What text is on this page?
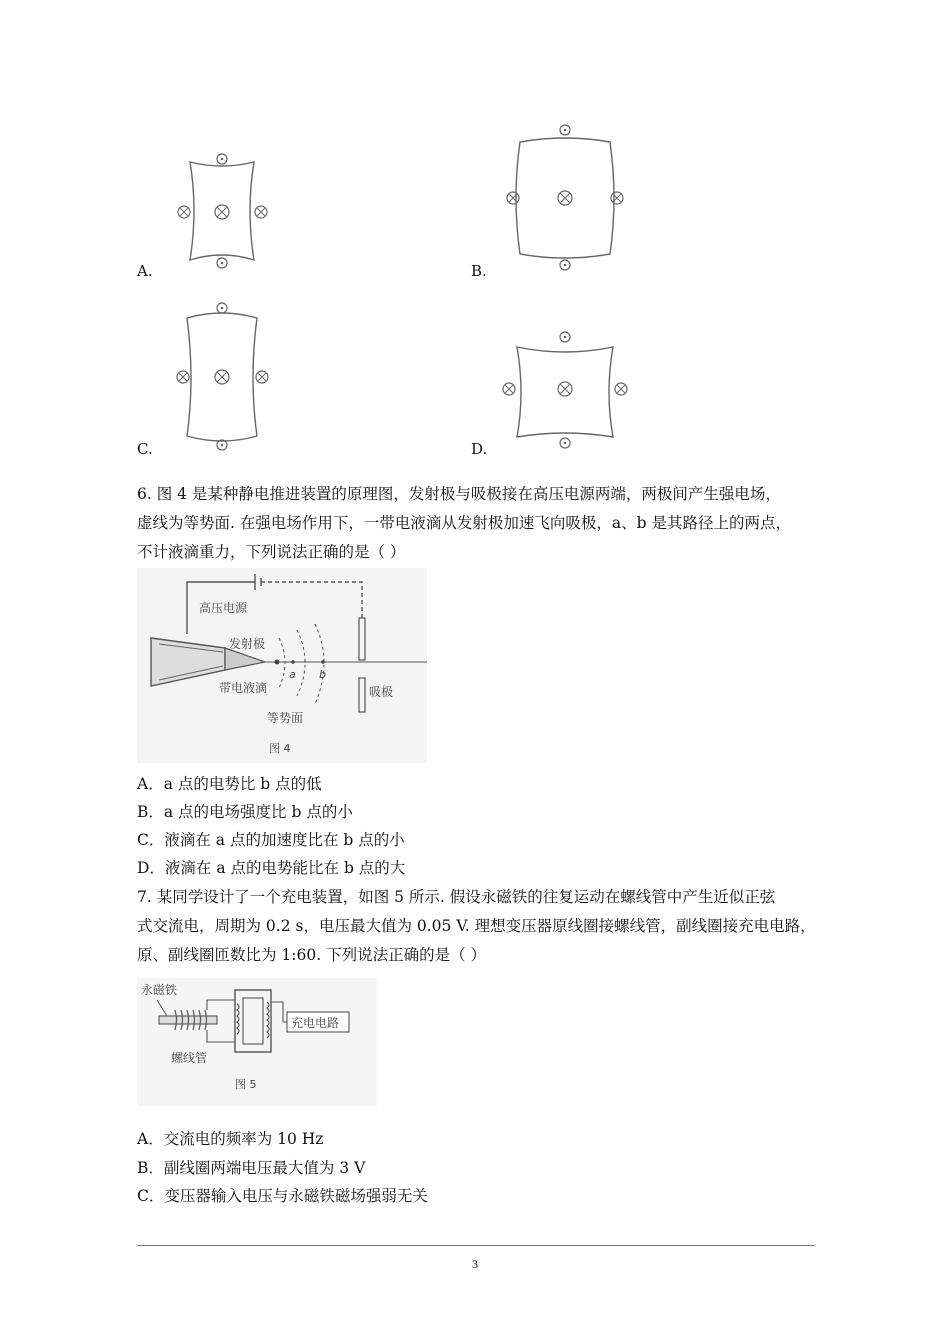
A.	B.
C.	D.
6. 图 4 是某种静电推进装置的原理图，发射极与吸极接在高压电源两端，两极间产生强电场，
虚线为等势面. 在强电场作用下，一带电液滴从发射极加速飞向吸极，a、b 是其路径上的两点，
不计液滴重力，下列说法正确的是（ ）
高压电源
发射极
a b
带电液滴	吸极
等势面
图 4
A．a 点的电势比 b 点的低
B．a 点的电场强度比 b 点的小
C．液滴在 a 点的加速度比在 b 点的小
D．液滴在 a 点的电势能比在 b 点的大
7. 某同学设计了一个充电装置，如图 5 所示. 假设永磁铁的往复运动在螺线管中产生近似正弦
式交流电，周期为 0.2 s，电压最大值为 0.05 V. 理想变压器原线圈接螺线管，副线圈接充电电路，
原、副线圈匝数比为 1:60. 下列说法正确的是（ ）
永磁铁
螺线管
充电电路
图 5
A．交流电的频率为 10 Hz
B．副线圈两端电压最大值为 3 V
C．变压器输入电压与永磁铁磁场强弱无关
3
